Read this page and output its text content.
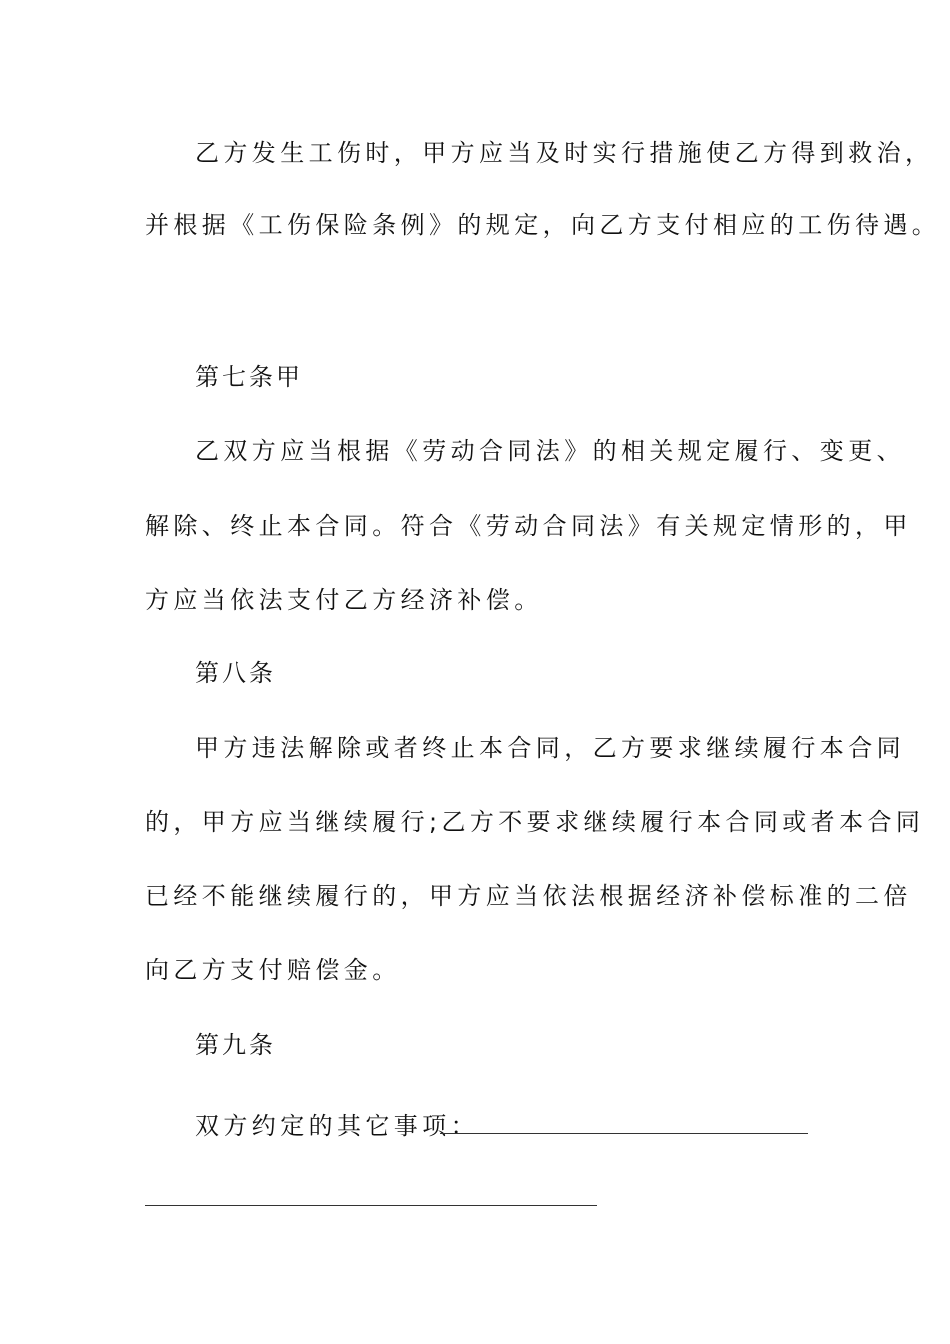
乙方发生工伤时，甲方应当及时实行措施使乙方得到救治，
并根据《工伤保险条例》的规定，向乙方支付相应的工伤待遇。
第七条甲
乙双方应当根据《劳动合同法》的相关规定履行、变更、
解除、终止本合同。符合《劳动合同法》有关规定情形的，甲
方应当依法支付乙方经济补偿。
第八条
甲方违法解除或者终止本合同，乙方要求继续履行本合同
的，甲方应当继续履行;乙方不要求继续履行本合同或者本合同
已经不能继续履行的，甲方应当依法根据经济补偿标准的二倍
向乙方支付赔偿金。
第九条
双方约定的其它事项：
